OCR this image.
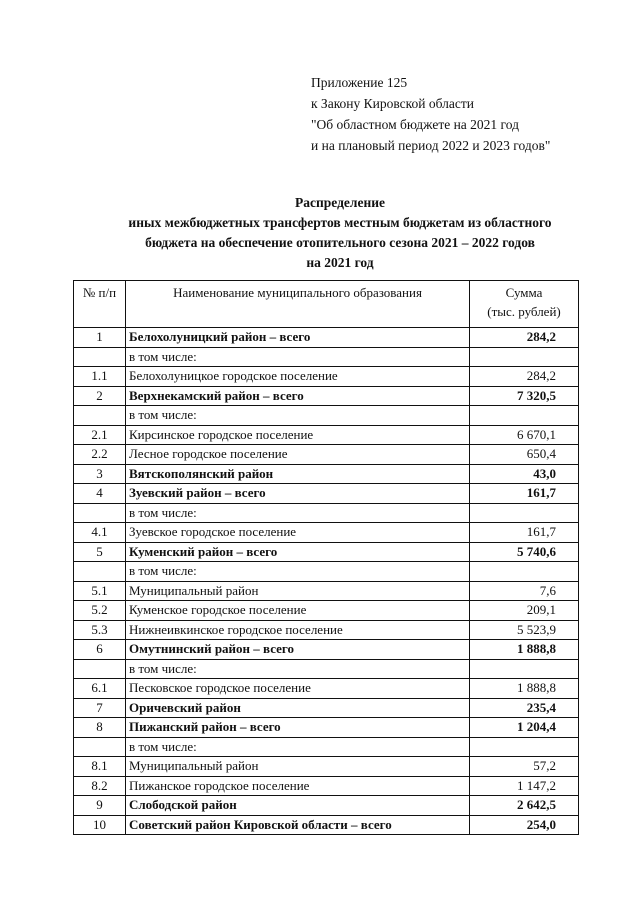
Приложение 125
к Закону Кировской области
"Об областном бюджете на 2021 год
и на плановый период 2022 и 2023 годов"
Распределение
иных межбюджетных трансфертов местным бюджетам из областного
бюджета на обеспечение отопительного сезона 2021 – 2022 годов
на 2021 год
№ п/п	Наименование муниципального образования	Сумма
(тыс. рублей)

1	Белохолуницкий район – всего	284,2
	в том числе:	
1.1	Белохолуницкое городское поселение	284,2
2	Верхнекамский район – всего	7 320,5
	в том числе:	
2.1	Кирсинское городское поселение	6 670,1
2.2	Лесное городское поселение	650,4
3	Вятскополянский район	43,0
4	Зуевский район – всего	161,7
	в том числе:	
4.1	Зуевское городское поселение	161,7
5	Куменский район – всего	5 740,6
	в том числе:	
5.1	Муниципальный район	7,6
5.2	Куменское городское поселение	209,1
5.3	Нижнеивкинское городское поселение	5 523,9
6	Омутнинский район – всего	1 888,8
	в том числе:	
6.1	Песковское городское поселение	1 888,8
7	Оричевский район	235,4
8	Пижанский район – всего	1 204,4
	в том числе:	
8.1	Муниципальный район	57,2
8.2	Пижанское городское поселение	1 147,2
9	Слободской район	2 642,5
10	Советский район Кировской области – всего	254,0
